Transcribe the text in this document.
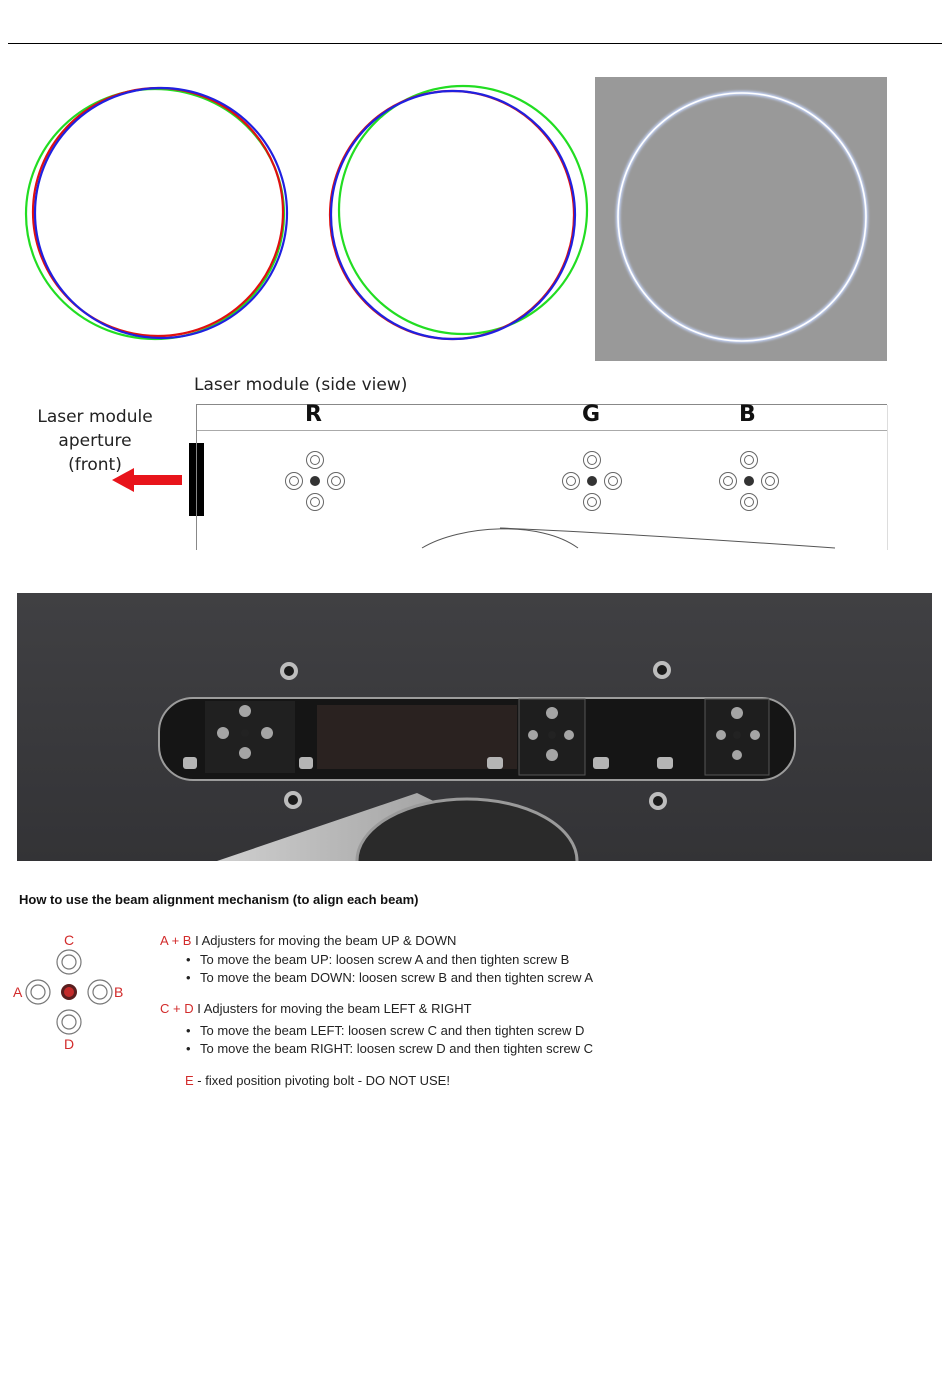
Laser module (side view)
Laser module
aperture
(front)
R	G	B
How to use the beam alignment mechanism (to align each beam)
C
A	B
D
A + B I Adjusters for moving the beam UP & DOWN
• To move the beam UP: loosen screw A and then tighten screw B
• To move the beam DOWN: loosen screw B and then tighten screw A
C + D I Adjusters for moving the beam LEFT & RIGHT
• To move the beam LEFT: loosen screw C and then tighten screw D
• To move the beam RIGHT: loosen screw D and then tighten screw C
E - fixed position pivoting bolt - DO NOT USE!
